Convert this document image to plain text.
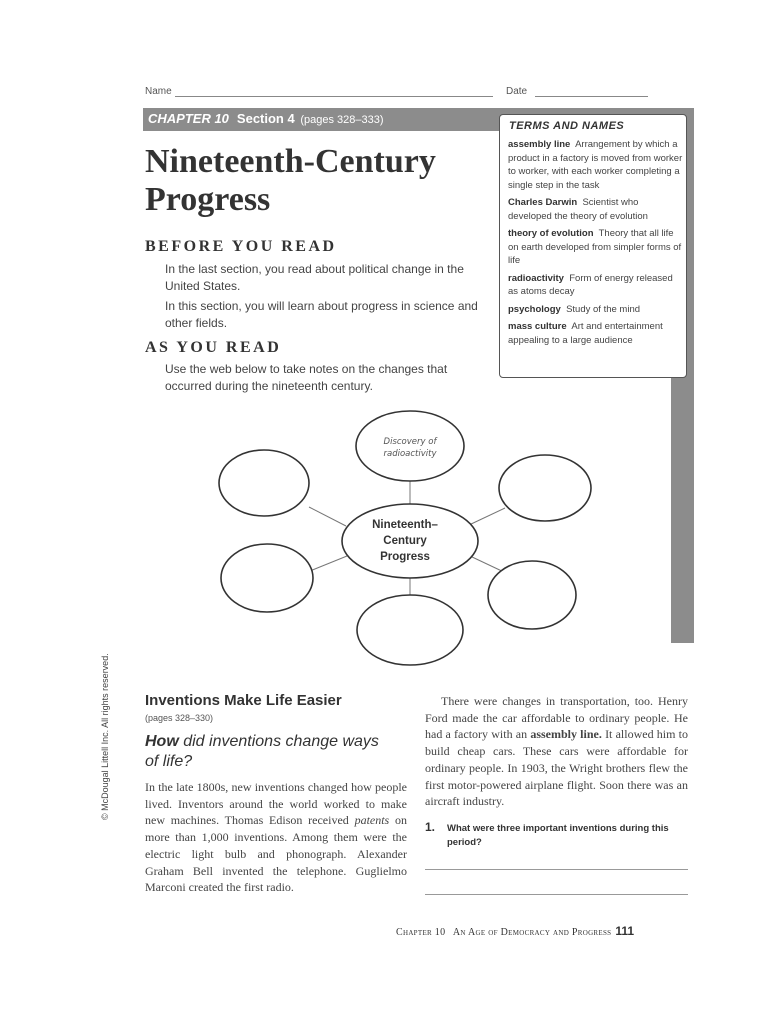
Name	Date
CHAPTER 10 Section 4 (pages 328–333)
Nineteenth-Century Progress
BEFORE YOU READ
In the last section, you read about political change in the United States.
In this section, you will learn about progress in science and other fields.
AS YOU READ
Use the web below to take notes on the changes that occurred during the nineteenth century.
TERMS AND NAMES
assembly line Arrangement by which a product in a factory is moved from worker to worker, with each worker completing a single step in the task
Charles Darwin Scientist who developed the theory of evolution
theory of evolution Theory that all life on earth developed from simpler forms of life
radioactivity Form of energy released as atoms decay
psychology Study of the mind
mass culture Art and entertainment appealing to a large audience
Nineteenth–
Century
Progress
Discovery of
radioactivity
© McDougal Littell Inc. All rights reserved. Inventions Make Life Easier
(pages 328–330)
How did inventions change ways of life?
In the late 1800s, new inventions changed how people lived. Inventors around the world worked to make new machines. Thomas Edison received patents on more than 1,000 inventions. Among them were the electric light bulb and phonograph. Alexander Graham Bell invented the telephone. Guglielmo Marconi created the first radio.
There were changes in transportation, too. Henry Ford made the car affordable to ordinary people. He had a factory with an assembly line. It allowed him to build cheap cars. These cars were affordable for ordinary people. In 1903, the Wright brothers flew the first motor-powered airplane flight. Soon there was an aircraft industry.
1. What were three important inventions during this period?
Chapter 10 An Age of Democracy and Progress 111
